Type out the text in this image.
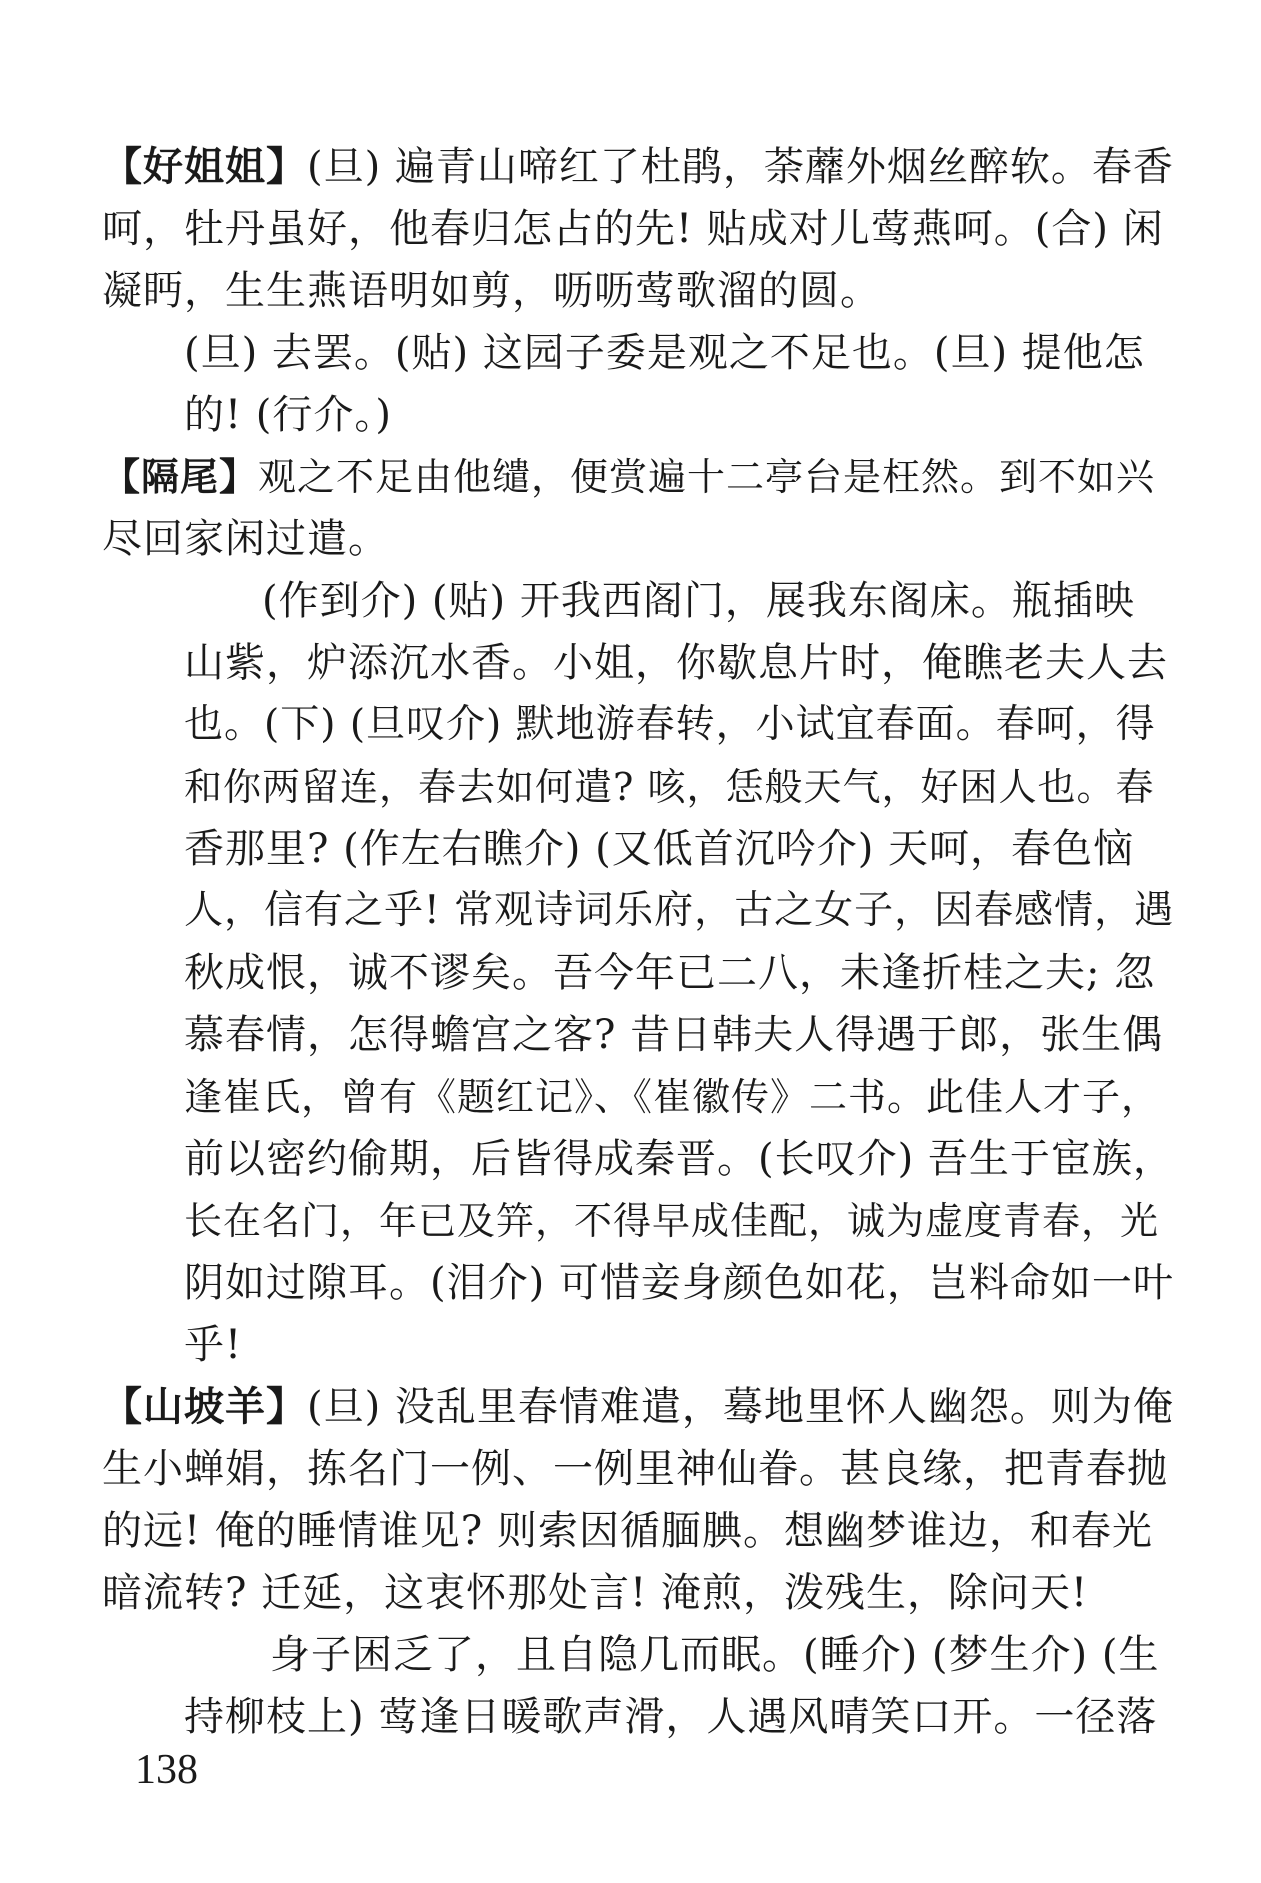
【好姐姐】(旦) 遍青山啼红了杜鹃，荼蘼外烟丝醉软。春香
呵，牡丹虽好，他春归怎占的先! 贴成对儿莺燕呵。(合) 闲
凝眄，生生燕语明如剪，呖呖莺歌溜的圆。
(旦) 去罢。(贴) 这园子委是观之不足也。(旦) 提他怎
的! (行介。)
【隔尾】观之不足由他缱，便赏遍十二亭台是枉然。到不如兴
尽回家闲过遣。
(作到介) (贴) 开我西阁门，展我东阁床。瓶插映
山紫，炉添沉水香。小姐，你歇息片时，俺瞧老夫人去
也。(下) (旦叹介) 默地游春转，小试宜春面。春呵，得
和你两留连，春去如何遣? 咳，恁般天气，好困人也。春
香那里? (作左右瞧介) (又低首沉吟介) 天呵，春色恼
人，信有之乎! 常观诗词乐府，古之女子，因春感情，遇
秋成恨，诚不谬矣。吾今年已二八，未逢折桂之夫; 忽
慕春情，怎得蟾宫之客? 昔日韩夫人得遇于郎，张生偶
逢崔氏，曾有《题红记》、《崔徽传》二书。此佳人才子，
前以密约偷期，后皆得成秦晋。(长叹介) 吾生于宦族，
长在名门，年已及笄，不得早成佳配，诚为虚度青春，光
阴如过隙耳。(泪介) 可惜妾身颜色如花，岂料命如一叶
乎!
【山坡羊】(旦) 没乱里春情难遣，蓦地里怀人幽怨。则为俺
生小蝉娟，拣名门一例、一例里神仙眷。甚良缘，把青春抛
的远! 俺的睡情谁见? 则索因循腼腆。想幽梦谁边，和春光
暗流转? 迁延，这衷怀那处言! 淹煎，泼残生，除问天!
身子困乏了，且自隐几而眠。(睡介) (梦生介) (生
持柳枝上) 莺逢日暖歌声滑，人遇风晴笑口开。一径落
138
